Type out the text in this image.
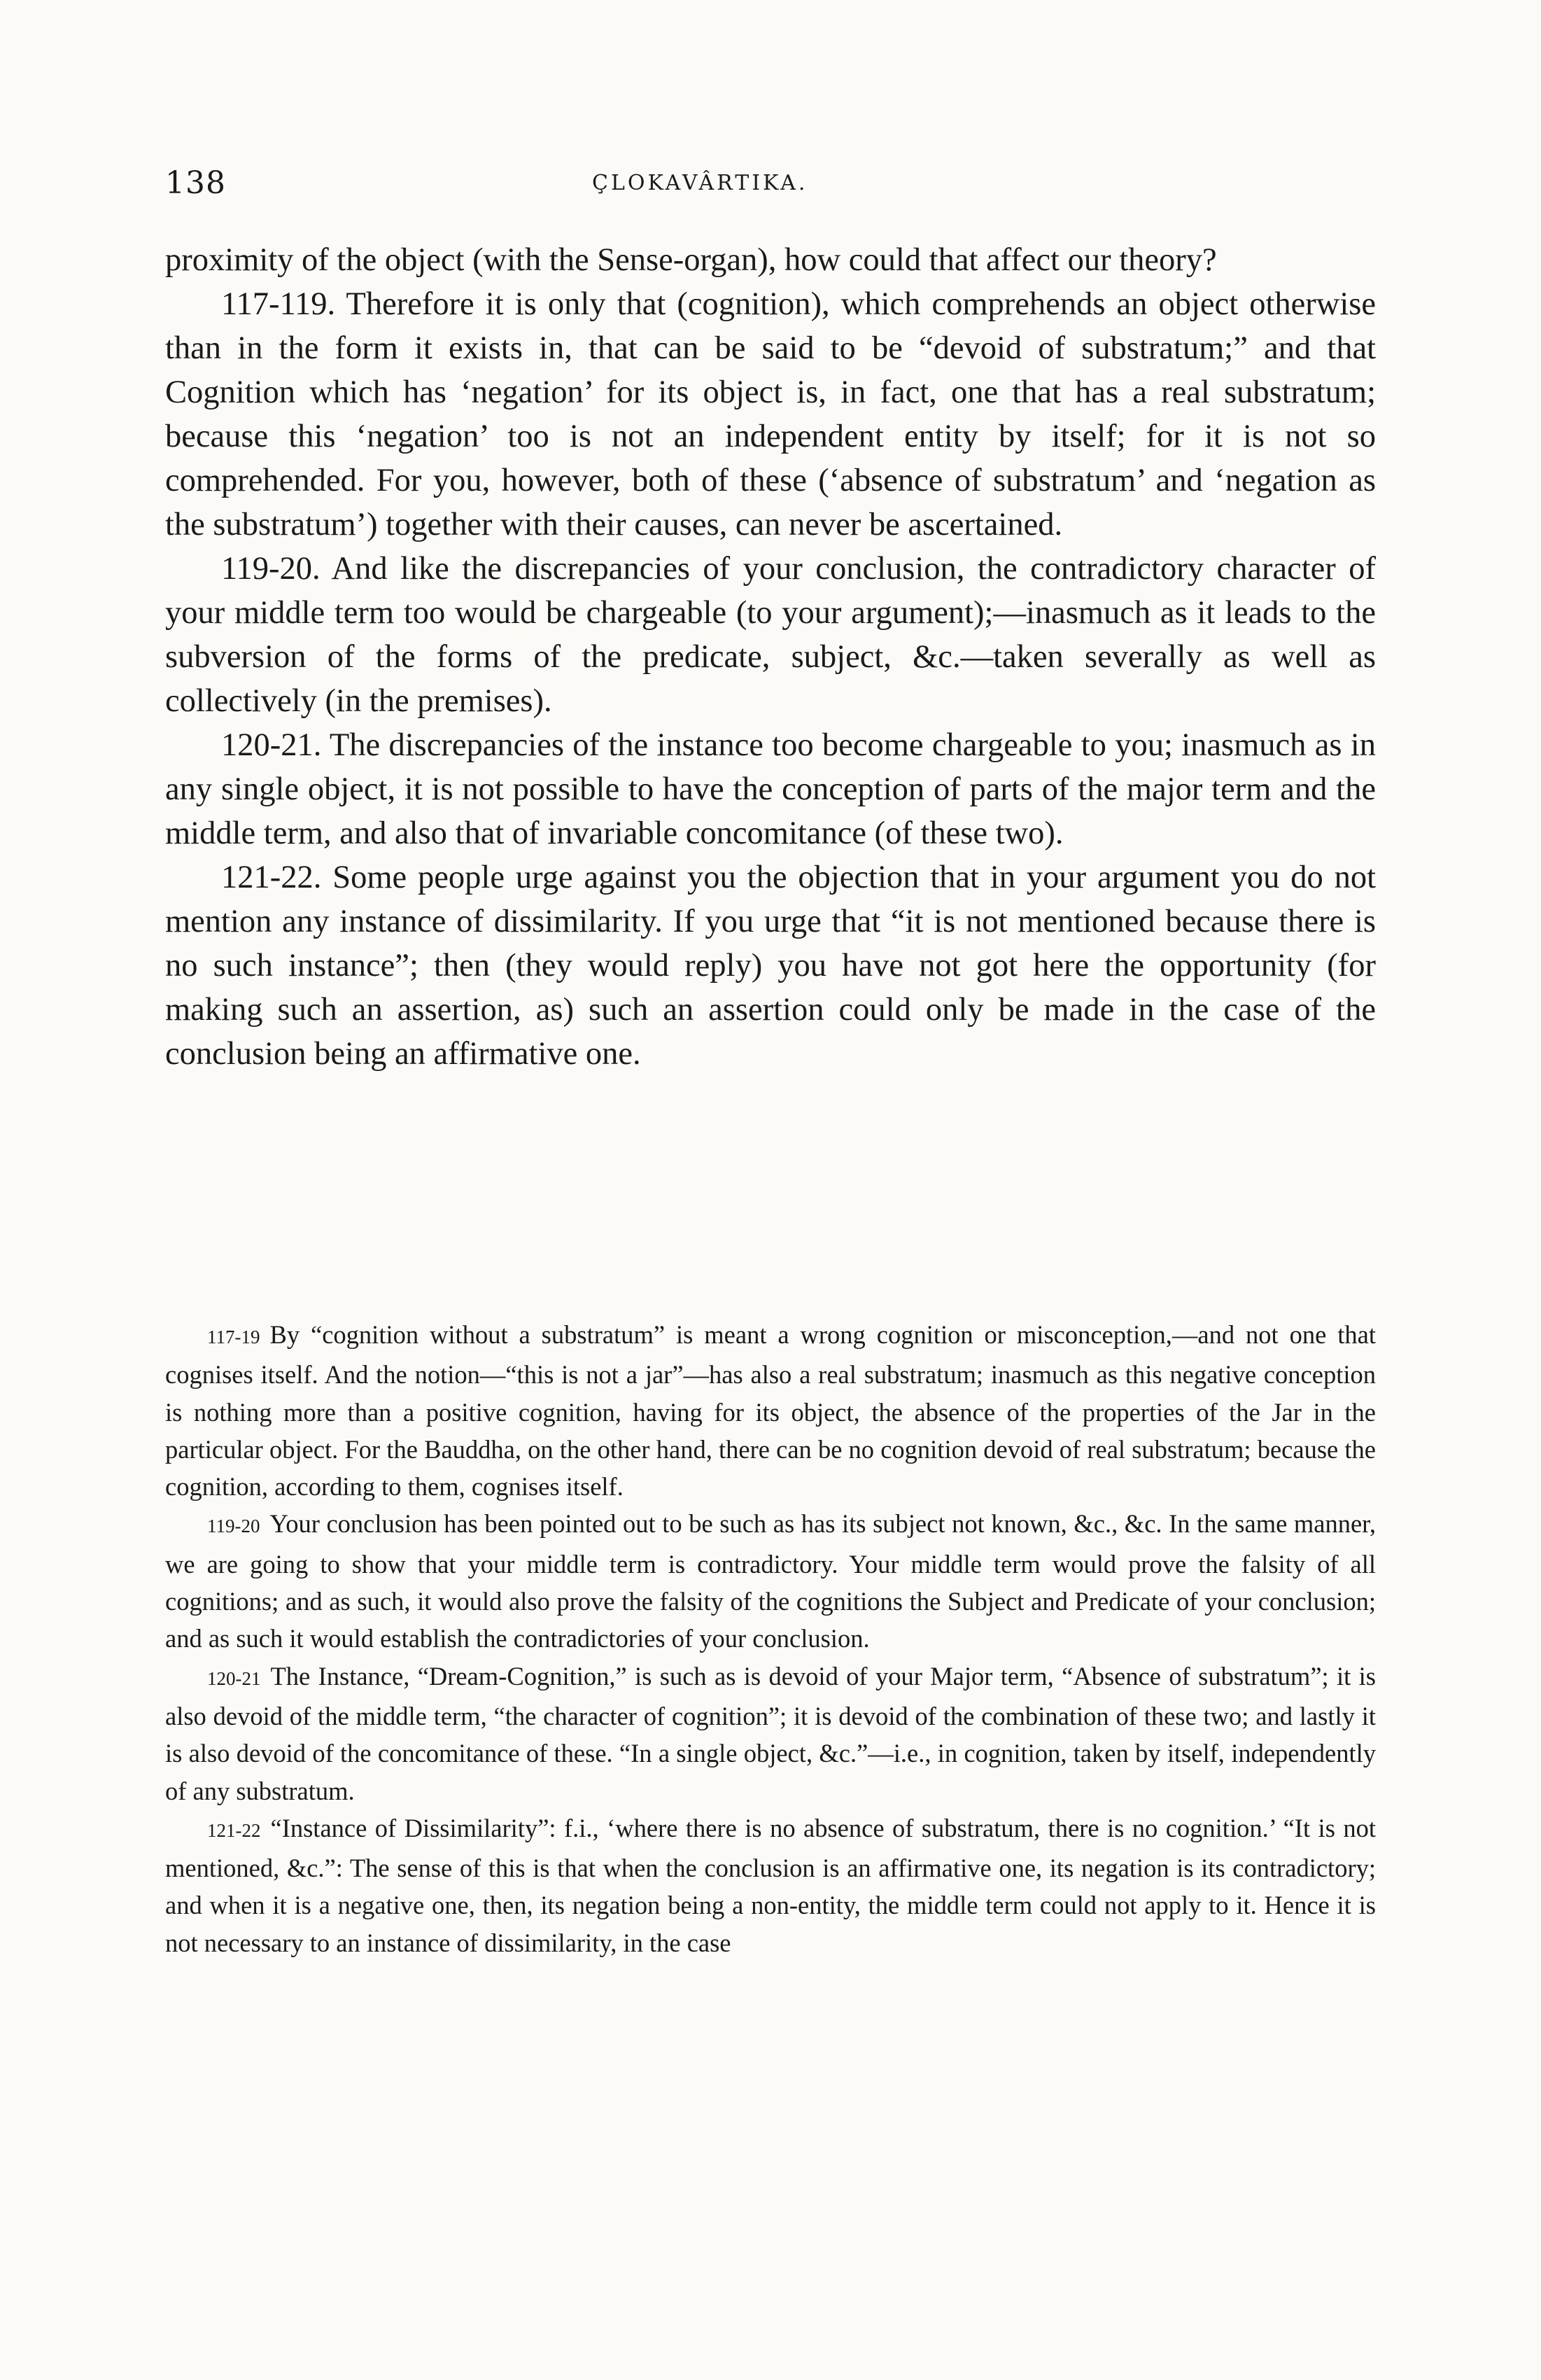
138	ÇLOKAVÂRTIKA.

proximity of the object (with the Sense-organ), how could that affect our theory?

117-119. Therefore it is only that (cognition), which comprehends an object otherwise than in the form it exists in, that can be said to be “devoid of substratum;” and that Cognition which has ‘negation’ for its object is, in fact, one that has a real substratum; because this ‘negation’ too is not an independent entity by itself; for it is not so comprehended. For you, however, both of these (‘absence of substratum’ and ‘negation as the substratum’) together with their causes, can never be ascertained.

119-20. And like the discrepancies of your conclusion, the contradictory character of your middle term too would be chargeable (to your argument);—inasmuch as it leads to the subversion of the forms of the predicate, subject, &c.—taken severally as well as collectively (in the premises).

120-21. The discrepancies of the instance too become chargeable to you; inasmuch as in any single object, it is not possible to have the conception of parts of the major term and the middle term, and also that of invariable concomitance (of these two).

121-22. Some people urge against you the objection that in your argument you do not mention any instance of dissimilarity. If you urge that “it is not mentioned because there is no such instance”; then (they would reply) you have not got here the opportunity (for making such an assertion, as) such an assertion could only be made in the case of the conclusion being an affirmative one.

117-19 By “cognition without a substratum” is meant a wrong cognition or misconception,—and not one that cognises itself. And the notion—“this is not a jar”—has also a real substratum; inasmuch as this negative conception is nothing more than a positive cognition, having for its object, the absence of the properties of the Jar in the particular object. For the Bauddha, on the other hand, there can be no cognition devoid of real substratum; because the cognition, according to them, cognises itself.

119-20 Your conclusion has been pointed out to be such as has its subject not known, &c., &c. In the same manner, we are going to show that your middle term is contradictory. Your middle term would prove the falsity of all cognitions; and as such, it would also prove the falsity of the cognitions the Subject and Predicate of your conclusion; and as such it would establish the contradictories of your conclusion.

120-21 The Instance, “Dream-Cognition,” is such as is devoid of your Major term, “Absence of substratum”; it is also devoid of the middle term, “the character of cognition”; it is devoid of the combination of these two; and lastly it is also devoid of the concomitance of these. “In a single object, &c.”—i.e., in cognition, taken by itself, independently of any substratum.

121-22 “Instance of Dissimilarity”: f.i., ‘where there is no absence of substratum, there is no cognition.’ “It is not mentioned, &c.”: The sense of this is that when the conclusion is an affirmative one, its negation is its contradictory; and when it is a negative one, then, its negation being a non-entity, the middle term could not apply to it. Hence it is not necessary to an instance of dissimilarity, in the case
